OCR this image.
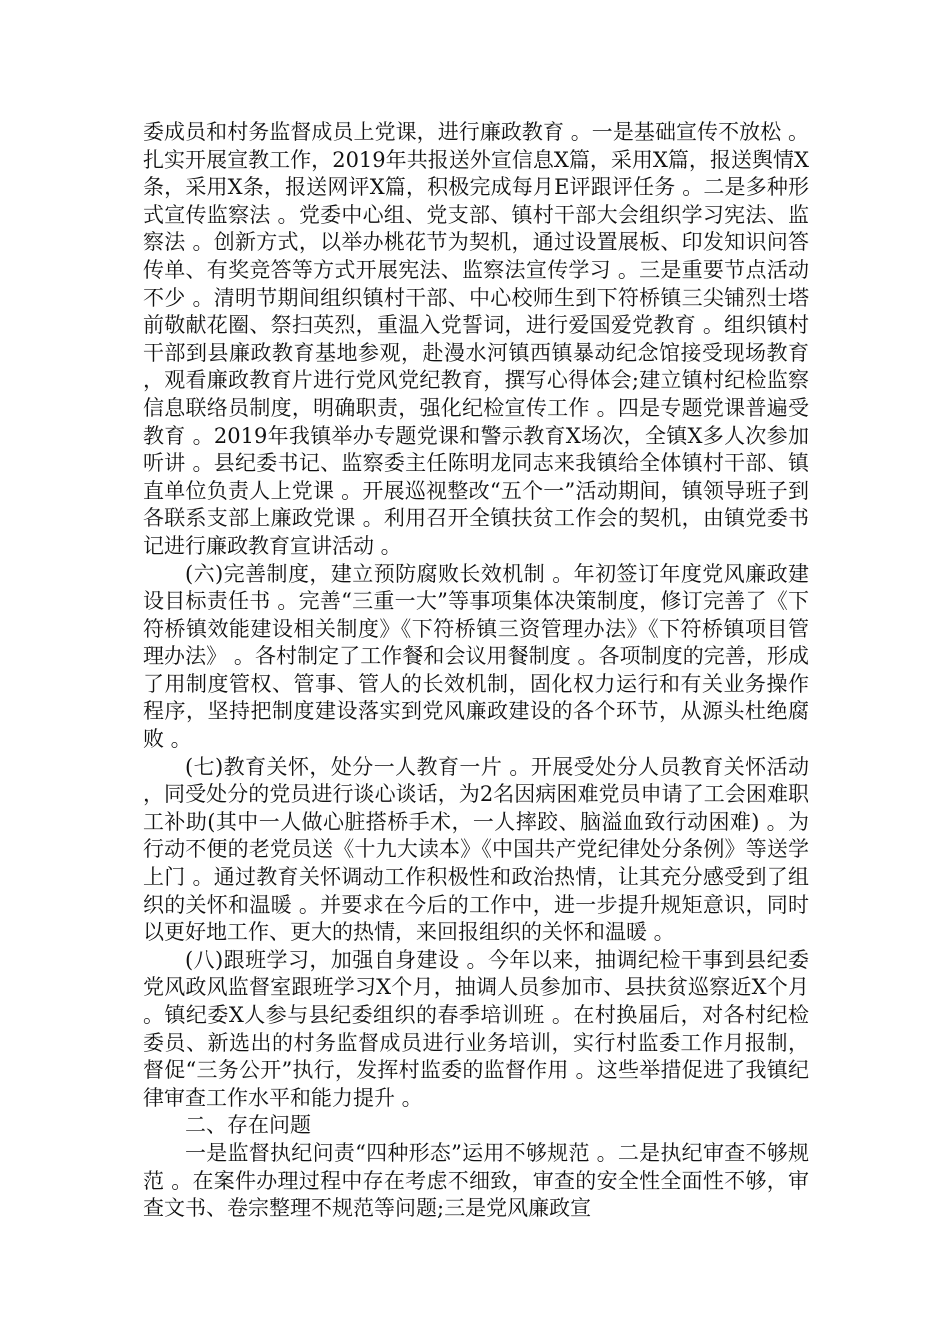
委成员和村务监督成员上党课，进行廉政教育 。一是基础宣传不放松 。扎实开展宣教工作，2019年共报送外宣信息X篇，采用X篇，报送舆情X条，采用X条，报送网评X篇，积极完成每月E评跟评任务 。二是多种形式宣传监察法 。党委中心组、党支部、镇村干部大会组织学习宪法、监察法 。创新方式，以举办桃花节为契机，通过设置展板、印发知识问答传单、有奖竞答等方式开展宪法、监察法宣传学习 。三是重要节点活动不少 。清明节期间组织镇村干部、中心校师生到下符桥镇三尖铺烈士塔前敬献花圈、祭扫英烈，重温入党誓词，进行爱国爱党教育 。组织镇村干部到县廉政教育基地参观，赴漫水河镇西镇暴动纪念馆接受现场教育，观看廉政教育片进行党风党纪教育，撰写心得体会;建立镇村纪检监察信息联络员制度，明确职责，强化纪检宣传工作 。四是专题党课普遍受教育 。2019年我镇举办专题党课和警示教育X场次，全镇X多人次参加听讲 。县纪委书记、监察委主任陈明龙同志来我镇给全体镇村干部、镇直单位负责人上党课 。开展巡视整改“五个一”活动期间，镇领导班子到各联系支部上廉政党课 。利用召开全镇扶贫工作会的契机，由镇党委书记进行廉政教育宣讲活动 。

(六)完善制度，建立预防腐败长效机制 。年初签订年度党风廉政建设目标责任书 。完善“三重一大”等事项集体决策制度，修订完善了《下符桥镇效能建设相关制度》《下符桥镇三资管理办法》《下符桥镇项目管理办法》 。各村制定了工作餐和会议用餐制度 。各项制度的完善，形成了用制度管权、管事、管人的长效机制，固化权力运行和有关业务操作程序，坚持把制度建设落实到党风廉政建设的各个环节，从源头杜绝腐败 。

(七)教育关怀，处分一人教育一片 。开展受处分人员教育关怀活动，同受处分的党员进行谈心谈话，为2名因病困难党员申请了工会困难职工补助(其中一人做心脏搭桥手术，一人摔跤、脑溢血致行动困难) 。为行动不便的老党员送《十九大读本》《中国共产党纪律处分条例》等送学上门 。通过教育关怀调动工作积极性和政治热情，让其充分感受到了组织的关怀和温暖 。并要求在今后的工作中，进一步提升规矩意识，同时以更好地工作、更大的热情，来回报组织的关怀和温暖 。

(八)跟班学习，加强自身建设 。今年以来，抽调纪检干事到县纪委党风政风监督室跟班学习X个月，抽调人员参加市、县扶贫巡察近X个月 。镇纪委X人参与县纪委组织的春季培训班 。在村换届后，对各村纪检委员、新选出的村务监督成员进行业务培训，实行村监委工作月报制，督促“三务公开”执行，发挥村监委的监督作用 。这些举措促进了我镇纪律审查工作水平和能力提升 。

二、存在问题

一是监督执纪问责“四种形态”运用不够规范 。二是执纪审查不够规范 。在案件办理过程中存在考虑不细致，审查的安全性全面性不够，审查文书、卷宗整理不规范等问题;三是党风廉政宣
